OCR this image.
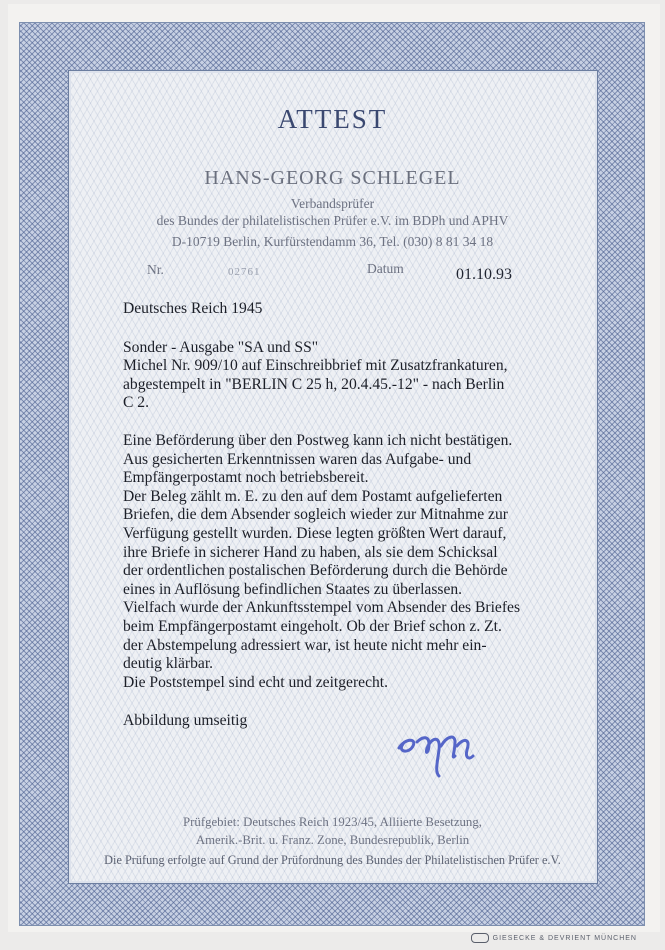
ATTEST
HANS-GEORG SCHLEGEL
Verbandsprüfer
des Bundes der philatelistischen Prüfer e.V. im BDPh und APHV
D-10719 Berlin, Kurfürstendamm 36, Tel. (030) 8 81 34 18
Nr.	02761	Datum	01.10.93

Deutsches Reich 1945

Sonder - Ausgabe "SA und SS"

Michel Nr. 909/10 auf Einschreibbrief mit Zusatzfrankaturen,

abgestempelt in "BERLIN C 25 h, 20.4.45.-12" - nach Berlin

C 2.

Eine Beförderung über den Postweg kann ich nicht bestätigen.

Aus gesicherten Erkenntnissen waren das Aufgabe- und

Empfängerpostamt noch betriebsbereit.

Der Beleg zählt m. E. zu den auf dem Postamt aufgelieferten

Briefen, die dem Absender sogleich wieder zur Mitnahme zur

Verfügung gestellt wurden. Diese legten größten Wert darauf,

ihre Briefe in sicherer Hand zu haben, als sie dem Schicksal

der ordentlichen postalischen Beförderung durch die Behörde

eines in Auflösung befindlichen Staates zu überlassen.

Vielfach wurde der Ankunftsstempel vom Absender des Briefes

beim Empfängerpostamt eingeholt. Ob der Brief schon z. Zt.

der Abstempelung adressiert war, ist heute nicht mehr ein-

deutig klärbar.

Die Poststempel sind echt und zeitgerecht.

Abbildung umseitig

Prüfgebiet: Deutsches Reich 1923/45, Alliierte Besetzung,
Amerik.-Brit. u. Franz. Zone, Bundesrepublik, Berlin
Die Prüfung erfolgte auf Grund der Prüfordnung des Bundes der Philatelistischen Prüfer e.V.
GIESECKE & DEVRIENT MÜNCHEN
